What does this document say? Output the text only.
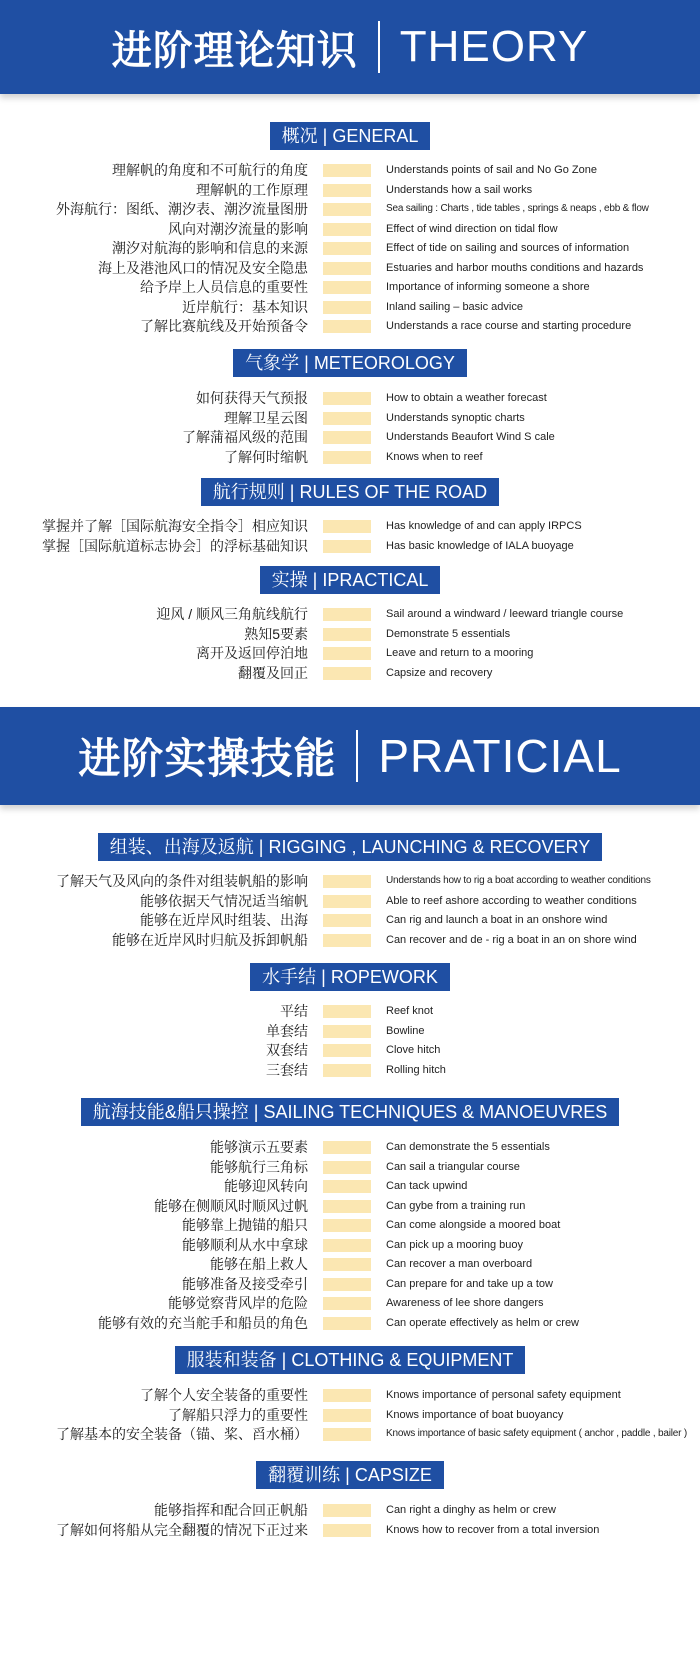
进阶理论知识 THEORY
进阶实操技能 PRATICIAL
概况 | GENERAL
理解帆的角度和不可航行的角度	Understands points of sail and No Go Zone
理解帆的工作原理	Understands how a sail works
外海航行：图纸、潮汐表、潮汐流量图册	Sea sailing : Charts , tide tables , springs & neaps , ebb & flow
风向对潮汐流量的影响	Effect of wind direction on tidal flow
潮汐对航海的影响和信息的来源	Effect of tide on sailing and sources of information
海上及港池风口的情况及安全隐患	Estuaries and harbor mouths conditions and hazards
给予岸上人员信息的重要性	Importance of informing someone a shore
近岸航行：基本知识	Inland sailing – basic advice
了解比赛航线及开始预备令	Understands a race course and starting procedure
气象学 | METEOROLOGY
如何获得天气预报	How to obtain a weather forecast
理解卫星云图	Understands synoptic charts
了解蒲福风级的范围	Understands Beaufort Wind S cale
了解何时缩帆	Knows when to reef
航行规则 | RULES OF THE ROAD
掌握并了解［国际航海安全指令］相应知识	Has knowledge of and can apply IRPCS
掌握［国际航道标志协会］的浮标基础知识	Has basic knowledge of IALA buoyage
实操 | IPRACTICAL
迎风 / 顺风三角航线航行	Sail around a windward / leeward triangle course
熟知5要素	Demonstrate 5 essentials
离开及返回停泊地	Leave and return to a mooring
翻覆及回正	Capsize and recovery
组装、出海及返航 | RIGGING , LAUNCHING & RECOVERY
了解天气及风向的条件对组装帆船的影响	Understands how to rig a boat according to weather conditions
能够依据天气情况适当缩帆	Able to reef ashore according to weather conditions
能够在近岸风时组装、出海	Can rig and launch a boat in an onshore wind
能够在近岸风时归航及拆卸帆船	Can recover and de - rig a boat in an on shore wind
水手结 | ROPEWORK
平结	Reef knot
单套结	Bowline
双套结	Clove hitch
三套结	Rolling hitch
航海技能&船只操控 | SAILING TECHNIQUES & MANOEUVRES
能够演示五要素	Can demonstrate the 5 essentials
能够航行三角标	Can sail a triangular course
能够迎风转向	Can tack upwind
能够在侧顺风时顺风过帆	Can gybe from a training run
能够靠上抛锚的船只	Can come alongside a moored boat
能够顺利从水中拿球	Can pick up a mooring buoy
能够在船上救人	Can recover a man overboard
能够准备及接受牵引	Can prepare for and take up a tow
能够觉察背风岸的危险	Awareness of lee shore dangers
能够有效的充当舵手和船员的角色	Can operate effectively as helm or crew
服装和装备 | CLOTHING & EQUIPMENT
了解个人安全装备的重要性	Knows importance of personal safety equipment
了解船只浮力的重要性	Knows importance of boat buoyancy
了解基本的安全装备（锚、桨、舀水桶）	Knows importance of basic safety equipment ( anchor , paddle , bailer )
翻覆训练 | CAPSIZE
能够指挥和配合回正帆船	Can right a dinghy as helm or crew
了解如何将船从完全翻覆的情况下正过来	Knows how to recover from a total inversion
